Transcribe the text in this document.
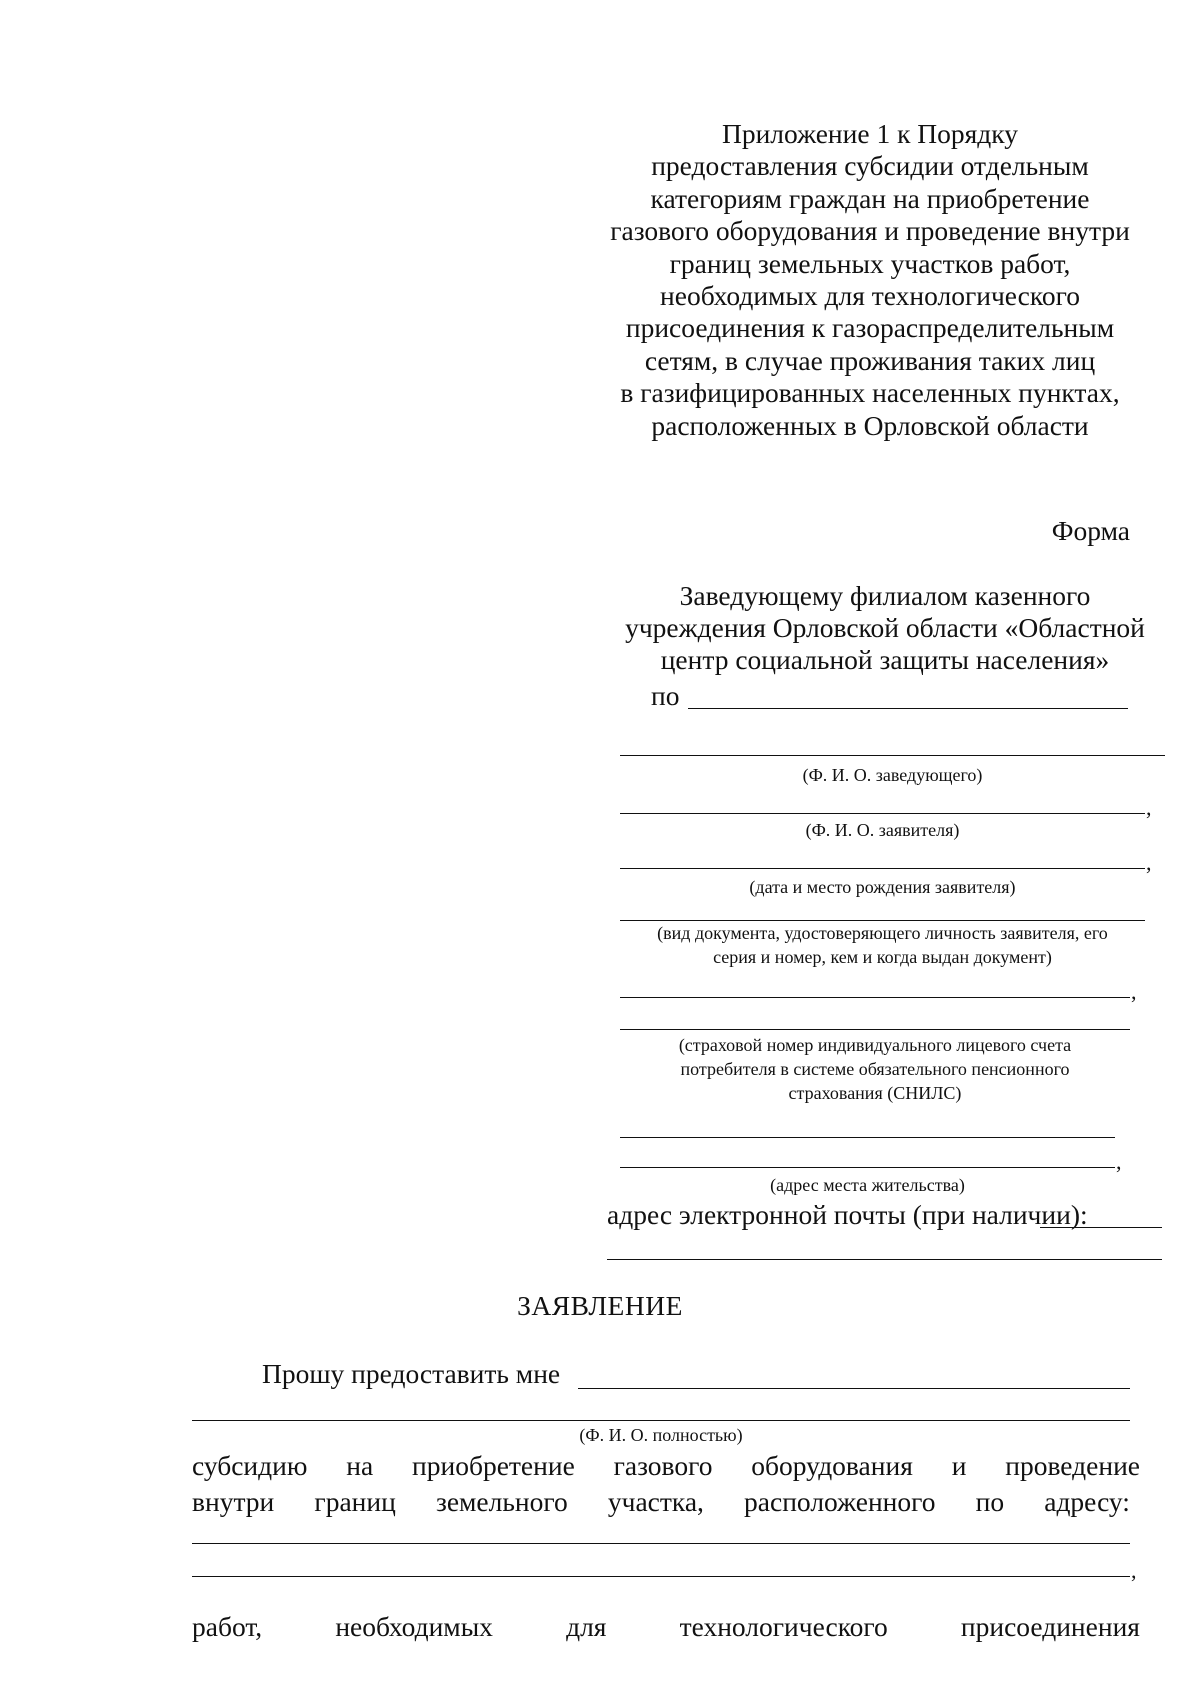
Приложение 1 к Порядку
предоставления субсидии отдельным
категориям граждан на приобретение
газового оборудования и проведение внутри
границ земельных участков работ,
необходимых для технологического
присоединения к газораспределительным
сетям, в случае проживания таких лиц
в газифицированных населенных пунктах,
расположенных в Орловской области
Форма
Заведующему филиалом казенного
учреждения Орловской области «Областной
центр социальной защиты населения»
по
(Ф. И. О. заведующего)
,
(Ф. И. О. заявителя)
,
(дата и место рождения заявителя)
(вид документа, удостоверяющего личность заявителя, его
серия и номер, кем и когда выдан документ)
,
(страховой номер индивидуального лицевого счета
потребителя в системе обязательного пенсионного
страхования (СНИЛС)
,
(адрес места жительства)
адрес электронной почты (при наличии):
ЗАЯВЛЕНИЕ
Прошу предоставить мне
(Ф. И. О. полностью)
субсидию на приобретение газового оборудования и проведение
внутри границ земельного участка, расположенного по адресу:
,
работ,	необходимых	для	технологического	присоединения
